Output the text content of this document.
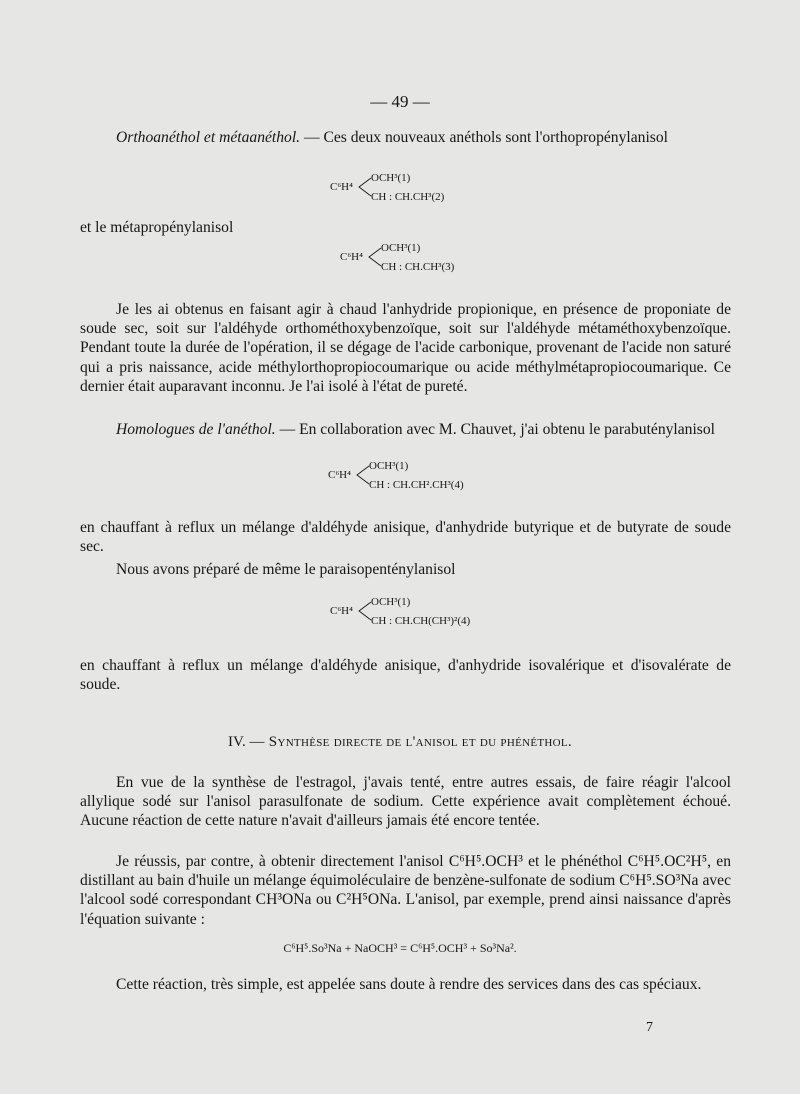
— 49 —
Orthoanéthol et métaanéthol. — Ces deux nouveaux anéthols sont l'orthopropénylanisol
C⁶H⁴
OCH³(1)
CH : CH.CH³(2)
et le métapropénylanisol
C⁶H⁴
OCH³(1)
CH : CH.CH³(3)
Je les ai obtenus en faisant agir à chaud l'anhydride propionique, en présence de proponiate de soude sec, soit sur l'aldéhyde orthométhoxybenzoïque, soit sur l'aldéhyde métaméthoxybenzoïque. Pendant toute la durée de l'opération, il se dégage de l'acide carbonique, provenant de l'acide non saturé qui a pris naissance, acide méthylorthopropiocoumarique ou acide méthylmétapropiocoumarique. Ce dernier était auparavant inconnu. Je l'ai isolé à l'état de pureté.
Homologues de l'anéthol. — En collaboration avec M. Chauvet, j'ai obtenu le parabuténylanisol
C⁶H⁴
OCH³(1)
CH : CH.CH².CH³(4)
en chauffant à reflux un mélange d'aldéhyde anisique, d'anhydride butyrique et de butyrate de soude sec.
Nous avons préparé de même le paraisopenténylanisol
C⁶H⁴
OCH³(1)
CH : CH.CH(CH³)²(4)
en chauffant à reflux un mélange d'aldéhyde anisique, d'anhydride isovalérique et d'isovalérate de soude.
IV. — Synthèse directe de l'anisol et du phénéthol.
En vue de la synthèse de l'estragol, j'avais tenté, entre autres essais, de faire réagir l'alcool allylique sodé sur l'anisol parasulfonate de sodium. Cette expérience avait complètement échoué. Aucune réaction de cette nature n'avait d'ailleurs jamais été encore tentée.
Je réussis, par contre, à obtenir directement l'anisol C⁶H⁵.OCH³ et le phénéthol C⁶H⁵.OC²H⁵, en distillant au bain d'huile un mélange équimoléculaire de benzène-sulfonate de sodium C⁶H⁵.SO³Na avec l'alcool sodé correspondant CH³ONa ou C²H⁵ONa. L'anisol, par exemple, prend ainsi naissance d'après l'équation suivante :
C⁶H⁵.So³Na + NaOCH³ = C⁶H⁵.OCH³ + So³Na².
Cette réaction, très simple, est appelée sans doute à rendre des services dans des cas spéciaux.
7
